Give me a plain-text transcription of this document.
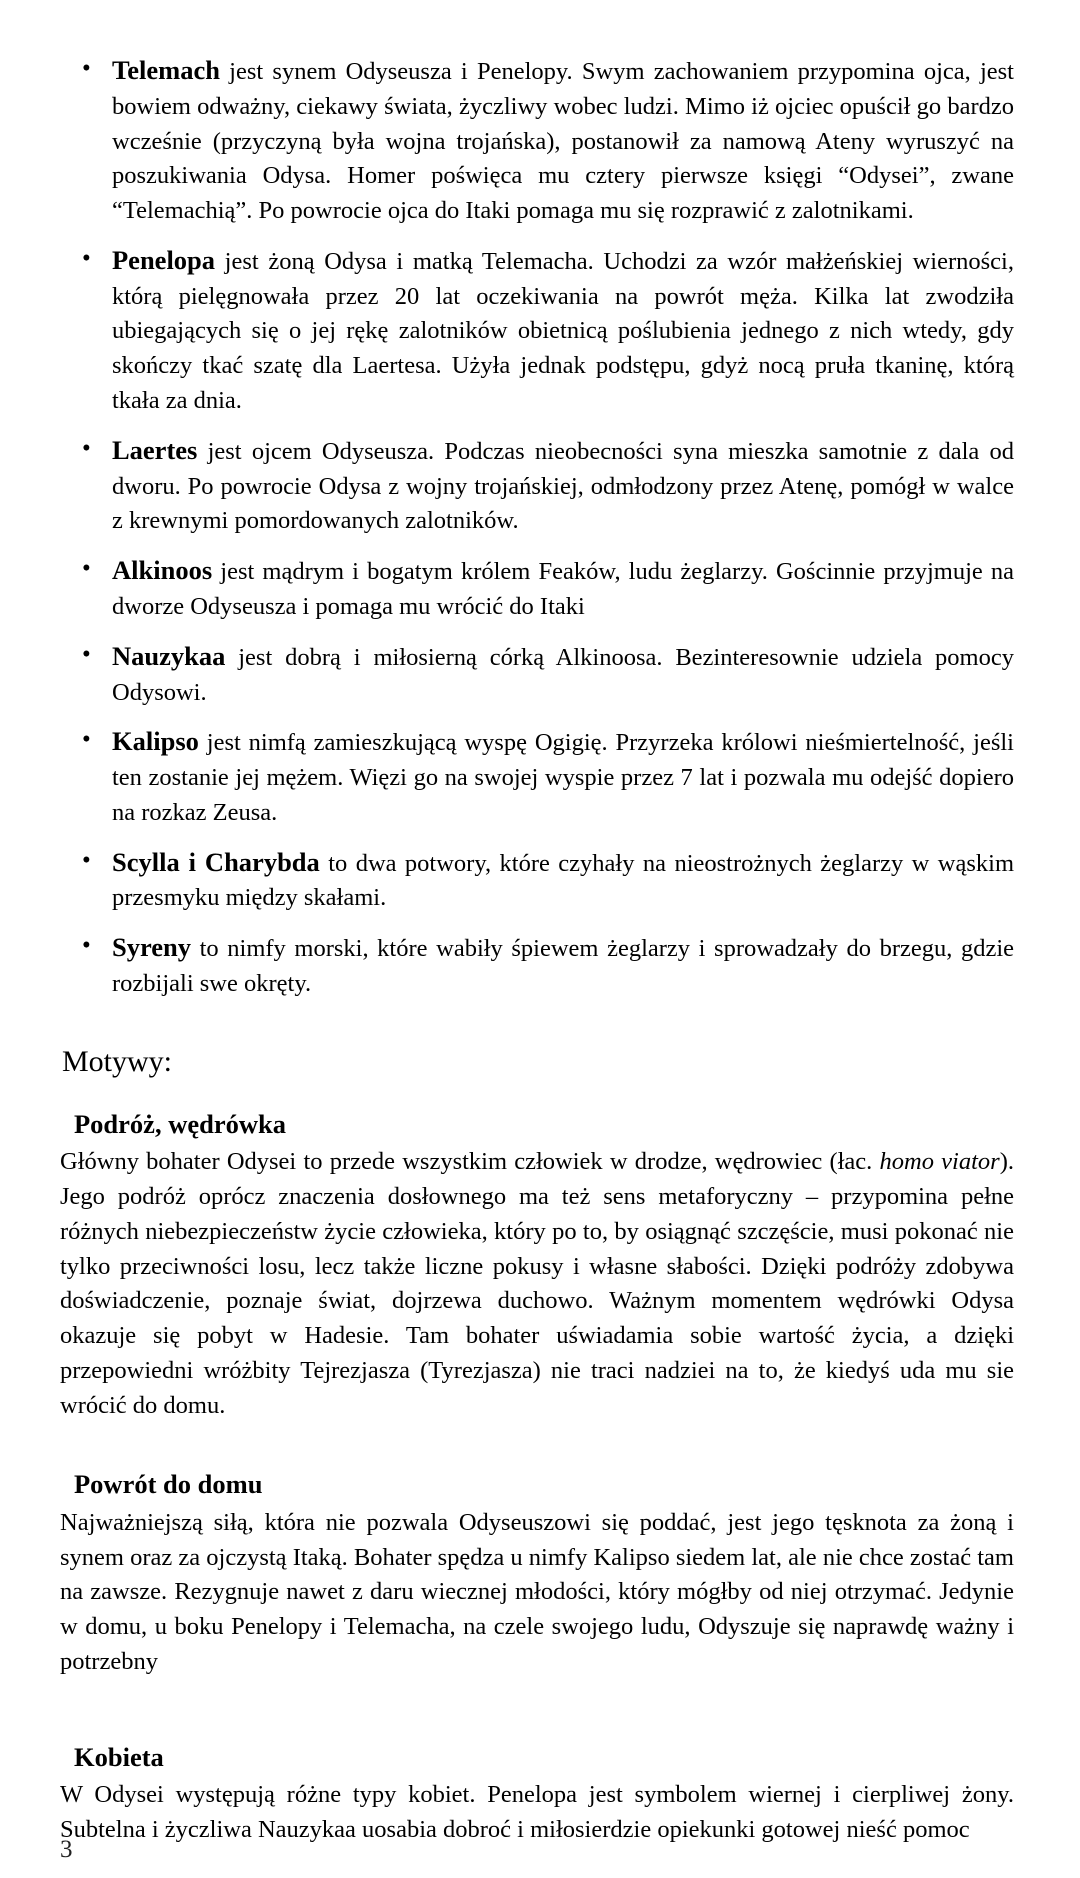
• Telemach jest synem Odyseusza i Penelopy. Swym zachowaniem przypomina ojca, jest bowiem odważny, ciekawy świata, życzliwy wobec ludzi. Mimo iż ojciec opuścił go bardzo wcześnie (przyczyną była wojna trojańska), postanowił za namową Ateny wyruszyć na poszukiwania Odysa. Homer poświęca mu cztery pierwsze księgi “Odysei”, zwane “Telemachią”. Po powrocie ojca do Itaki pomaga mu się rozprawić z zalotnikami.
• Penelopa jest żoną Odysa i matką Telemacha. Uchodzi za wzór małżeńskiej wierności, którą pielęgnowała przez 20 lat oczekiwania na powrót męża. Kilka lat zwodziła ubiegających się o jej rękę zalotników obietnicą poślubienia jednego z nich wtedy, gdy skończy tkać szatę dla Laertesa. Użyła jednak podstępu, gdyż nocą pruła tkaninę, którą tkała za dnia.
• Laertes jest ojcem Odyseusza. Podczas nieobecności syna mieszka samotnie z dala od dworu. Po powrocie Odysa z wojny trojańskiej, odmłodzony przez Atenę, pomógł w walce z krewnymi pomordowanych zalotników.
• Alkinoos jest mądrym i bogatym królem Feaków, ludu żeglarzy. Gościnnie przyjmuje na dworze Odyseusza i pomaga mu wrócić do Itaki
• Nauzykaa jest dobrą i miłosierną córką Alkinoosa. Bezinteresownie udziela pomocy Odysowi.
• Kalipso jest nimfą zamieszkującą wyspę Ogigię. Przyrzeka królowi nieśmiertelność, jeśli ten zostanie jej mężem. Więzi go na swojej wyspie przez 7 lat i pozwala mu odejść dopiero na rozkaz Zeusa.
• Scylla i Charybda to dwa potwory, które czyhały na nieostrożnych żeglarzy w wąskim przesmyku między skałami.
• Syreny to nimfy morski, które wabiły śpiewem żeglarzy i sprowadzały do brzegu, gdzie rozbijali swe okręty.
Motywy:
Podróż, wędrówka

Główny bohater Odysei to przede wszystkim człowiek w drodze, wędrowiec (łac. homo viator). Jego podróż oprócz znaczenia dosłownego ma też sens metaforyczny – przypomina pełne różnych niebezpieczeństw życie człowieka, który po to, by osiągnąć szczęście, musi pokonać nie tylko przeciwności losu, lecz także liczne pokusy i własne słabości. Dzięki podróży zdobywa doświadczenie, poznaje świat, dojrzewa duchowo. Ważnym momentem wędrówki Odysa okazuje się pobyt w Hadesie. Tam bohater uświadamia sobie wartość życia, a dzięki przepowiedni wróżbity Tejrezjasza (Tyrezjasza) nie traci nadziei na to, że kiedyś uda mu sie wrócić do domu.

Powrót do domu

Najważniejszą siłą, która nie pozwala Odyseuszowi się poddać, jest jego tęsknota za żoną i synem oraz za ojczystą Itaką. Bohater spędza u nimfy Kalipso siedem lat, ale nie chce zostać tam na zawsze. Rezygnuje nawet z daru wiecznej młodości, który mógłby od niej otrzymać. Jedynie w domu, u boku Penelopy i Telemacha, na czele swojego ludu, Odyszuje się naprawdę ważny i potrzebny

Kobieta

W Odysei występują różne typy kobiet. Penelopa jest symbolem wiernej i cierpliwej żony. Subtelna i życzliwa Nauzykaa uosabia dobroć i miłosierdzie opiekunki gotowej nieść pomoc

3
